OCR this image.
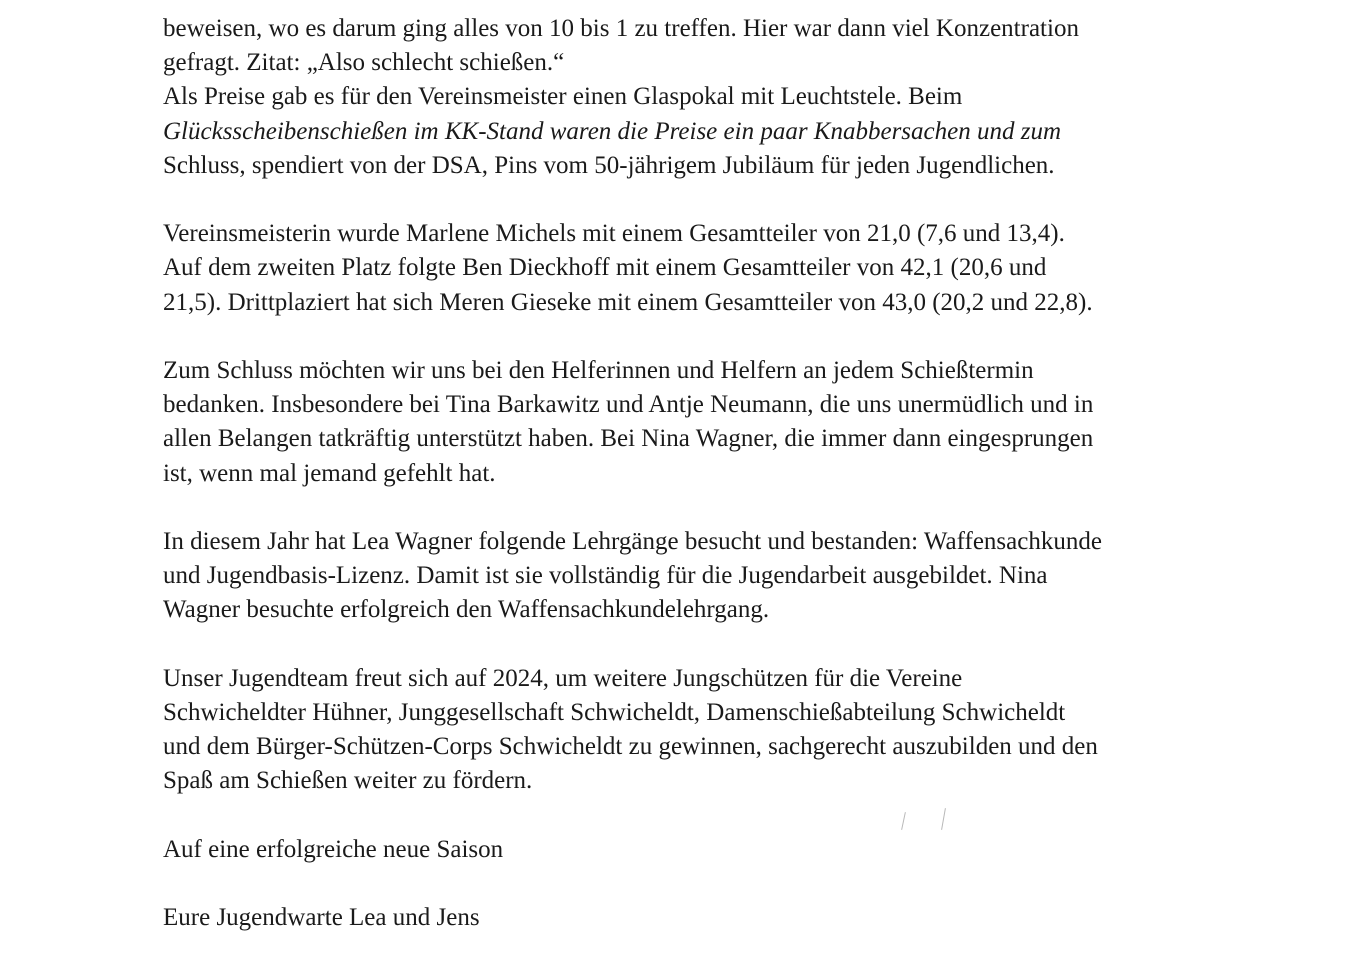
beweisen, wo es darum ging alles von 10 bis 1 zu treffen. Hier war dann viel Konzentration
gefragt. Zitat: „Also schlecht schießen.“
Als Preise gab es für den Vereinsmeister einen Glaspokal mit Leuchtstele. Beim
Glücksscheibenschießen im KK-Stand waren die Preise ein paar Knabbersachen und zum
Schluss, spendiert von der DSA, Pins vom 50-jährigem Jubiläum für jeden Jugendlichen.

Vereinsmeisterin wurde Marlene Michels mit einem Gesamtteiler von 21,0 (7,6 und 13,4).
Auf dem zweiten Platz folgte Ben Dieckhoff mit einem Gesamtteiler von 42,1 (20,6 und
21,5). Drittplaziert hat sich Meren Gieseke mit einem Gesamtteiler von 43,0 (20,2 und 22,8).

Zum Schluss möchten wir uns bei den Helferinnen und Helfern an jedem Schießtermin
bedanken. Insbesondere bei Tina Barkawitz und Antje Neumann, die uns unermüdlich und in
allen Belangen tatkräftig unterstützt haben. Bei Nina Wagner, die immer dann eingesprungen
ist, wenn mal jemand gefehlt hat.

In diesem Jahr hat Lea Wagner folgende Lehrgänge besucht und bestanden: Waffensachkunde
und Jugendbasis-Lizenz. Damit ist sie vollständig für die Jugendarbeit ausgebildet. Nina
Wagner besuchte erfolgreich den Waffensachkundelehrgang.

Unser Jugendteam freut sich auf 2024, um weitere Jungschützen für die Vereine
Schwicheldter Hühner, Junggesellschaft Schwicheldt, Damenschießabteilung Schwicheldt
und dem Bürger-Schützen-Corps Schwicheldt zu gewinnen, sachgerecht auszubilden und den
Spaß am Schießen weiter zu fördern.

Auf eine erfolgreiche neue Saison

Eure Jugendwarte Lea und Jens
